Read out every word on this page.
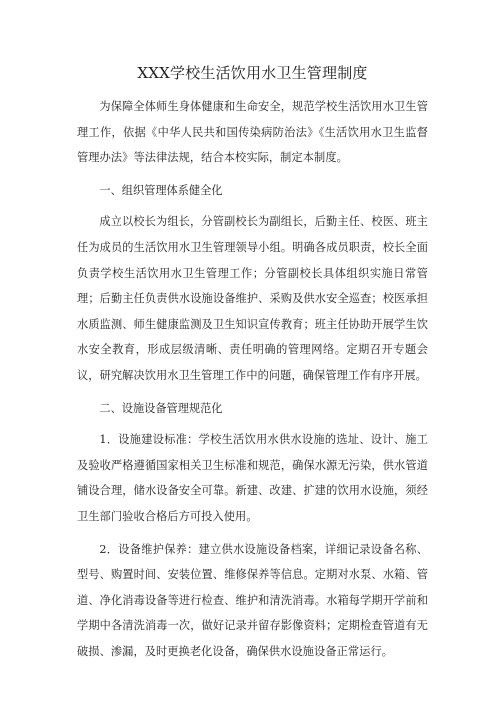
XXX学校生活饮用水卫生管理制度

为保障全体师生身体健康和生命安全，规范学校生活饮用水卫生管理工作，依据《中华人民共和国传染病防治法》《生活饮用水卫生监督管理办法》等法律法规，结合本校实际，制定本制度。

一、组织管理体系健全化

成立以校长为组长，分管副校长为副组长，后勤主任、校医、班主任为成员的生活饮用水卫生管理领导小组。明确各成员职责，校长全面负责学校生活饮用水卫生管理工作；分管副校长具体组织实施日常管理；后勤主任负责供水设施设备维护、采购及供水安全巡查；校医承担水质监测、师生健康监测及卫生知识宣传教育；班主任协助开展学生饮水安全教育，形成层级清晰、责任明确的管理网络。定期召开专题会议，研究解决饮用水卫生管理工作中的问题，确保管理工作有序开展。

二、设施设备管理规范化

1．设施建设标准：学校生活饮用水供水设施的选址、设计、施工及验收严格遵循国家相关卫生标准和规范，确保水源无污染，供水管道铺设合理，储水设备安全可靠。新建、改建、扩建的饮用水设施，须经卫生部门验收合格后方可投入使用。

2．设备维护保养：建立供水设施设备档案，详细记录设备名称、型号、购置时间、安装位置、维修保养等信息。定期对水泵、水箱、管道、净化消毒设备等进行检查、维护和清洗消毒。水箱每学期开学前和学期中各清洗消毒一次，做好记录并留存影像资料；定期检查管道有无破损、渗漏，及时更换老化设备，确保供水设施设备正常运行。
